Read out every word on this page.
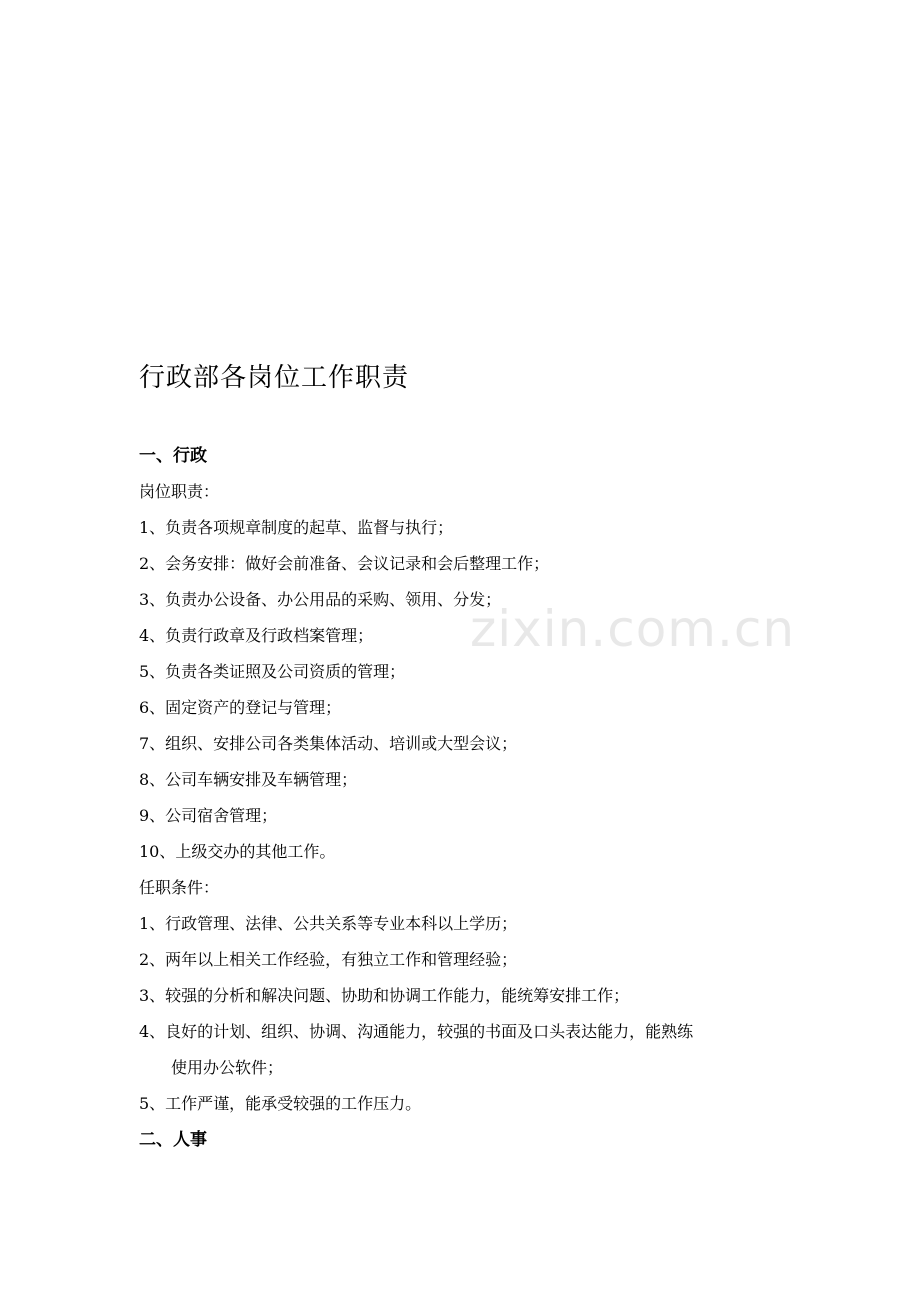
行政部各岗位工作职责
zixin.com.cn
一、行政
岗位职责：
1、负责各项规章制度的起草、监督与执行；
2、会务安排：做好会前准备、会议记录和会后整理工作；
3、负责办公设备、办公用品的采购、领用、分发；
4、负责行政章及行政档案管理；
5、负责各类证照及公司资质的管理；
6、固定资产的登记与管理；
7、组织、安排公司各类集体活动、培训或大型会议；
8、公司车辆安排及车辆管理；
9、公司宿舍管理；
10、上级交办的其他工作。
任职条件：
1、行政管理、法律、公共关系等专业本科以上学历；
2、两年以上相关工作经验，有独立工作和管理经验；
3、较强的分析和解决问题、协助和协调工作能力，能统筹安排工作；
4、良好的计划、组织、协调、沟通能力，较强的书面及口头表达能力，能熟练
使用办公软件；
5、工作严谨，能承受较强的工作压力。
二、人事
